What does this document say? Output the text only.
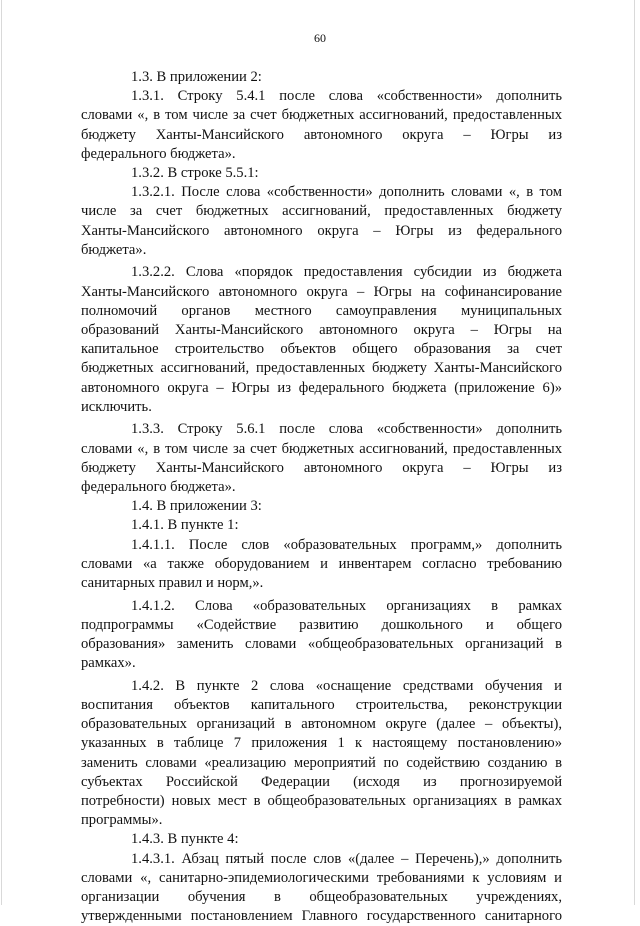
60
1.3. В приложении 2:
1.3.1. Строку 5.4.1 после слова «собственности» дополнить
словами «, в том числе за счет бюджетных ассигнований, предоставленных
бюджету Ханты-Мансийского автономного округа – Югры из
федерального бюджета».
1.3.2. В строке 5.5.1:
1.3.2.1. После слова «собственности» дополнить словами «, в том
числе за счет бюджетных ассигнований, предоставленных бюджету
Ханты-Мансийского автономного округа – Югры из федерального
бюджета».
1.3.2.2. Слова «порядок предоставления субсидии из бюджета
Ханты-Мансийского автономного округа – Югры на софинансирование
полномочий органов местного самоуправления муниципальных
образований Ханты-Мансийского автономного округа – Югры на
капитальное строительство объектов общего образования за счет
бюджетных ассигнований, предоставленных бюджету Ханты-Мансийского
автономного округа – Югры из федерального бюджета (приложение 6)»
исключить.
1.3.3. Строку 5.6.1 после слова «собственности» дополнить
словами «, в том числе за счет бюджетных ассигнований, предоставленных
бюджету Ханты-Мансийского автономного округа – Югры из
федерального бюджета».
1.4. В приложении 3:
1.4.1. В пункте 1:
1.4.1.1. После слов «образовательных программ,» дополнить
словами «а также оборудованием и инвентарем согласно требованию
санитарных правил и норм,».
1.4.1.2. Слова «образовательных организациях в рамках
подпрограммы «Содействие развитию дошкольного и общего
образования» заменить словами «общеобразовательных организаций в
рамках».
1.4.2. В пункте 2 слова «оснащение средствами обучения и
воспитания объектов капитального строительства, реконструкции
образовательных организаций в автономном округе (далее – объекты),
указанных в таблице 7 приложения 1 к настоящему постановлению»
заменить словами «реализацию мероприятий по содействию созданию в
субъектах Российской Федерации (исходя из прогнозируемой
потребности) новых мест в общеобразовательных организациях в рамках
программы».
1.4.3. В пункте 4:
1.4.3.1. Абзац пятый после слов «(далее – Перечень),» дополнить
словами «, санитарно-эпидемиологическими требованиями к условиям и
организации обучения в общеобразовательных учреждениях,
утвержденными постановлением Главного государственного санитарного
